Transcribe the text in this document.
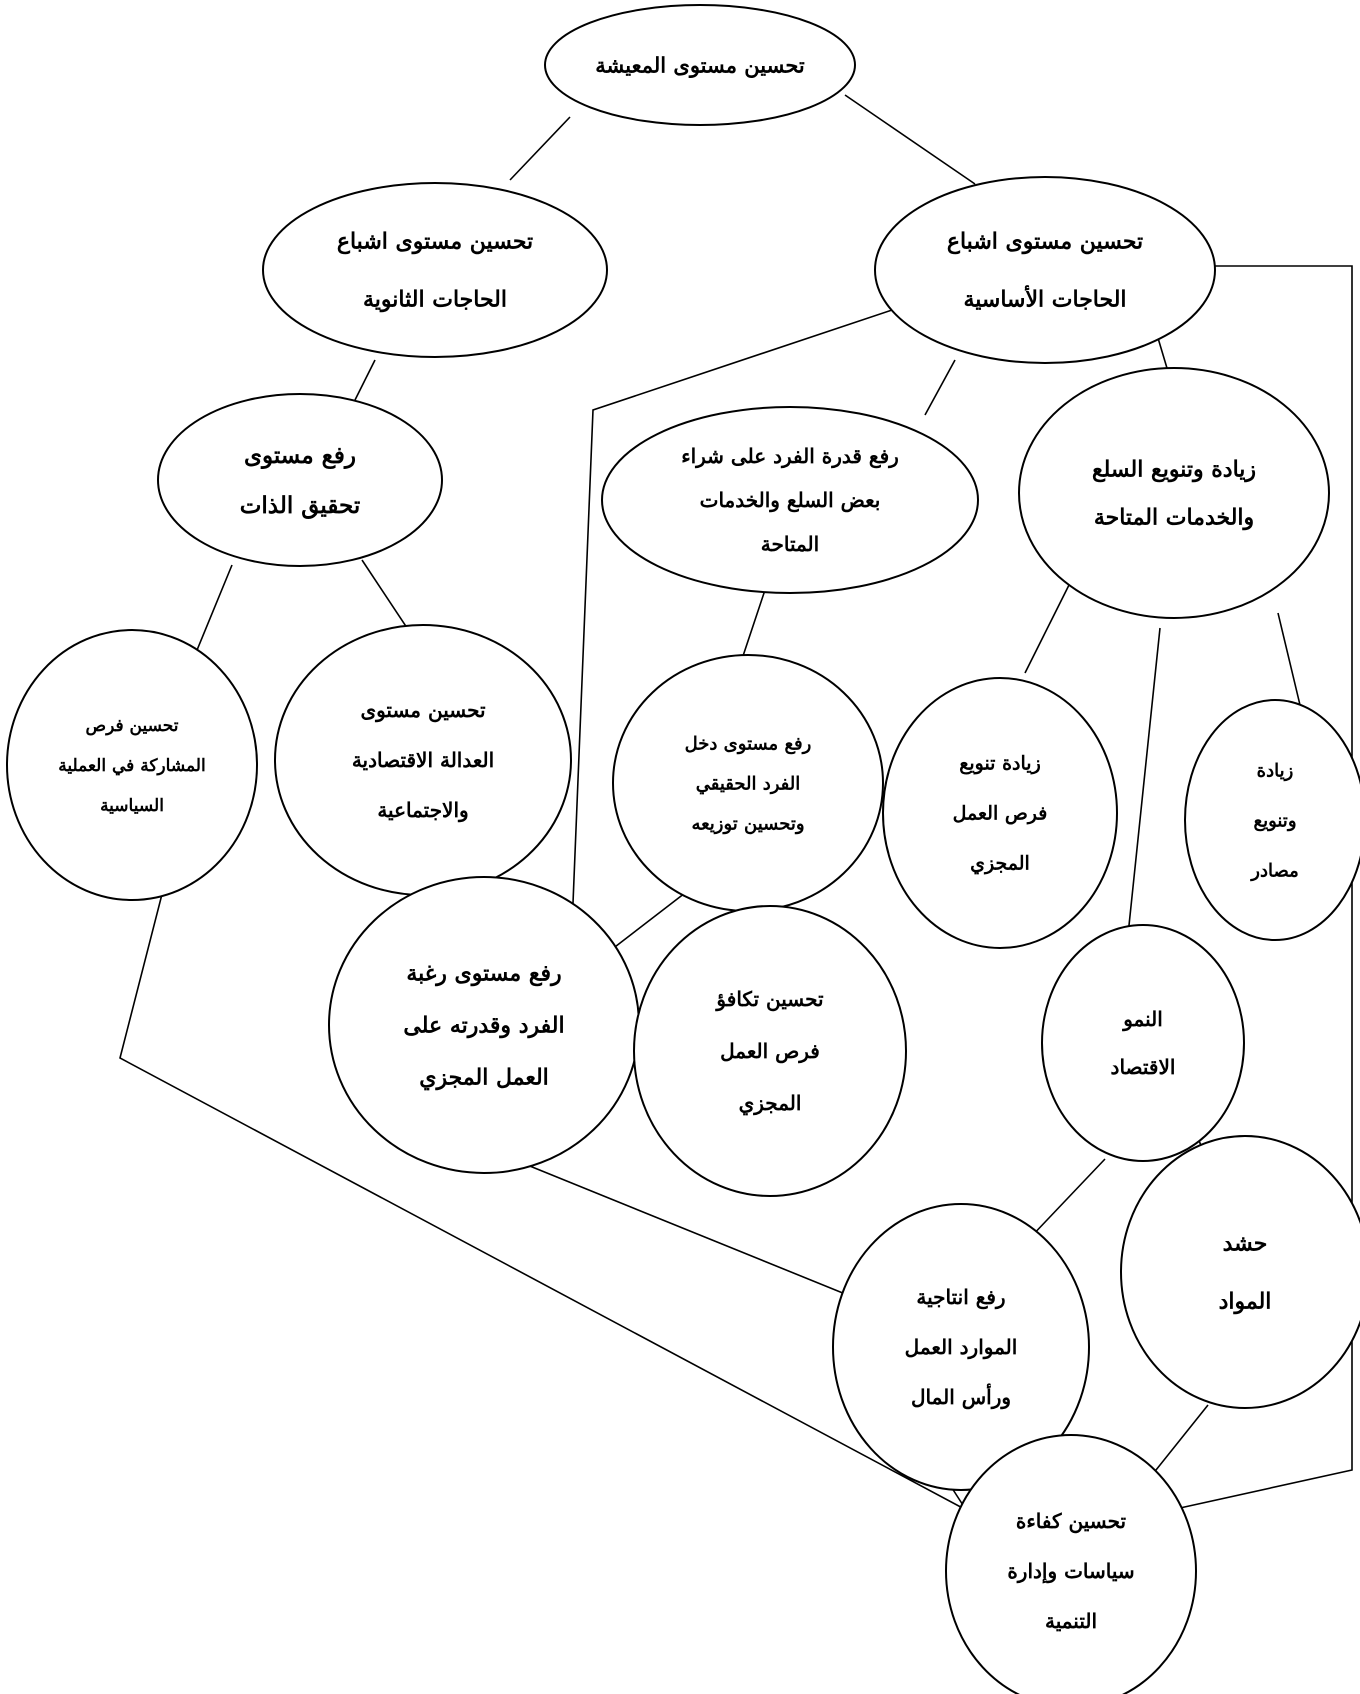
تحسين مستوى المعيشة
تحسين مستوى اشباع
الحاجات الأساسية
تحسين مستوى اشباع
الحاجات الثانوية
رفع مستوى
تحقيق الذات
رفع قدرة الفرد على شراء
بعض السلع والخدمات
المتاحة
زيادة وتنويع السلع
والخدمات المتاحة
تحسين فرص
المشاركة في العملية
السياسية
تحسين مستوى
العدالة الاقتصادية
والاجتماعية
رفع مستوى دخل
الفرد الحقيقي
وتحسين توزيعه
زيادة تنويع
فرص العمل
المجزي
زيادة
وتنويع
مصادر
رفع مستوى رغبة
الفرد وقدرته على
العمل المجزي
تحسين تكافؤ
فرص العمل
المجزي
النمو
الاقتصاد
حشد
المواد
رفع انتاجية
الموارد العمل
ورأس المال
تحسين كفاءة
سياسات وإدارة
التنمية
